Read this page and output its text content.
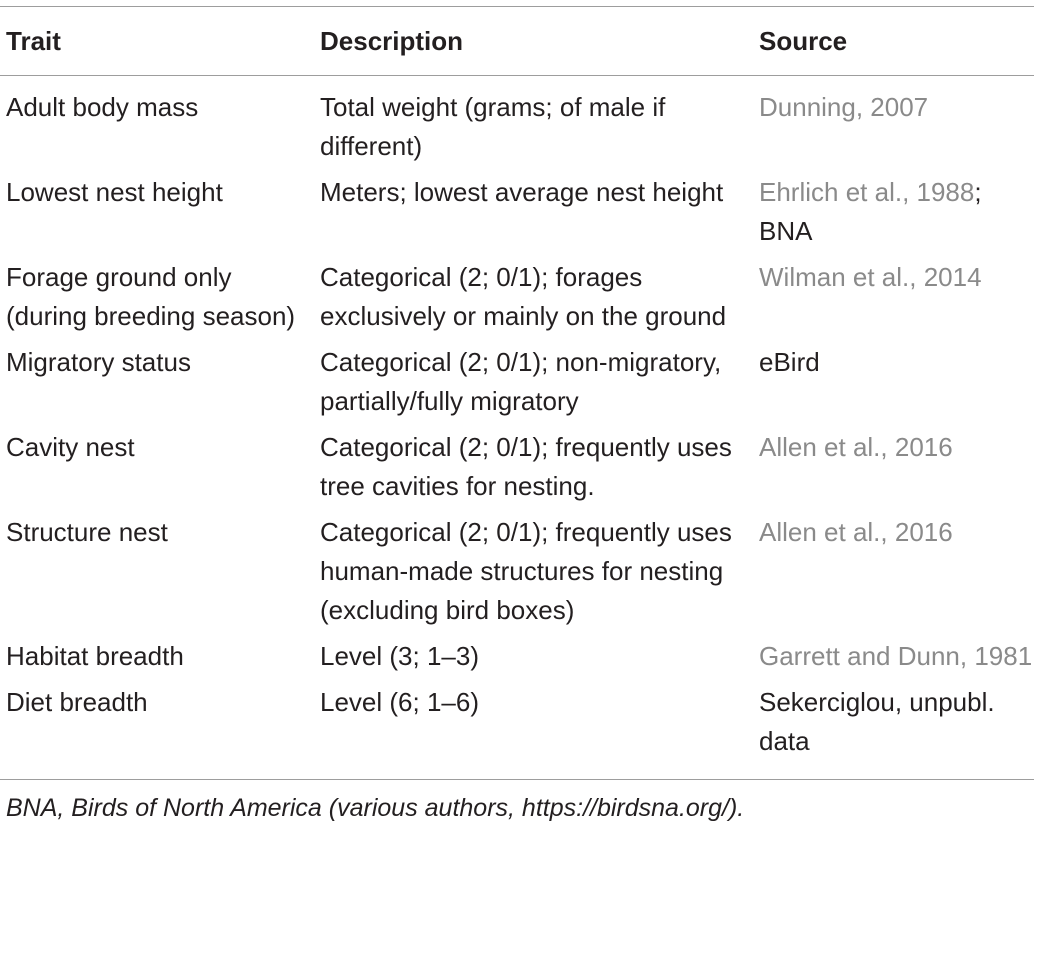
Trait	Description	Source
Adult body mass	Total weight (grams; of male if different)	Dunning, 2007
Lowest nest height	Meters; lowest average nest height	Ehrlich et al., 1988; BNA
Forage ground only (during breeding season)	Categorical (2; 0/1); forages exclusively or mainly on the ground	Wilman et al., 2014
Migratory status	Categorical (2; 0/1); non-migratory, partially/fully migratory	eBird
Cavity nest	Categorical (2; 0/1); frequently uses tree cavities for nesting.	Allen et al., 2016
Structure nest	Categorical (2; 0/1); frequently uses human-made structures for nesting (excluding bird boxes)	Allen et al., 2016
Habitat breadth	Level (3; 1–3)	Garrett and Dunn, 1981
Diet breadth	Level (6; 1–6)	Sekerciglou, unpubl. data
BNA, Birds of North America (various authors, https://birdsna.org/).
